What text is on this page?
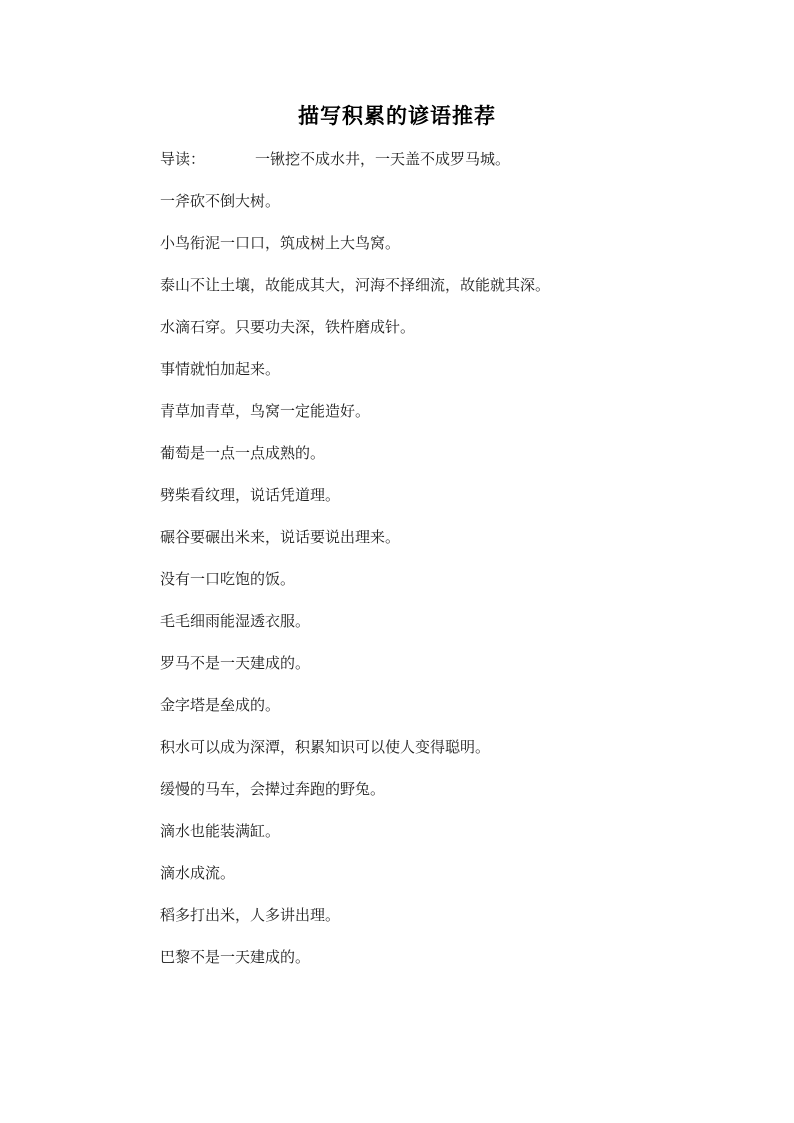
描写积累的谚语推荐
导读：	一锹挖不成水井，一天盖不成罗马城。
一斧砍不倒大树。
小鸟衔泥一口口，筑成树上大鸟窝。
泰山不让土壤，故能成其大，河海不择细流，故能就其深。
水滴石穿。只要功夫深，铁杵磨成针。
事情就怕加起来。
青草加青草，鸟窝一定能造好。
葡萄是一点一点成熟的。
劈柴看纹理，说话凭道理。
碾谷要碾出米来，说话要说出理来。
没有一口吃饱的饭。
毛毛细雨能湿透衣服。
罗马不是一天建成的。
金字塔是垒成的。
积水可以成为深潭，积累知识可以使人变得聪明。
缓慢的马车，会撵过奔跑的野兔。
滴水也能装满缸。
滴水成流。
稻多打出米，人多讲出理。
巴黎不是一天建成的。
